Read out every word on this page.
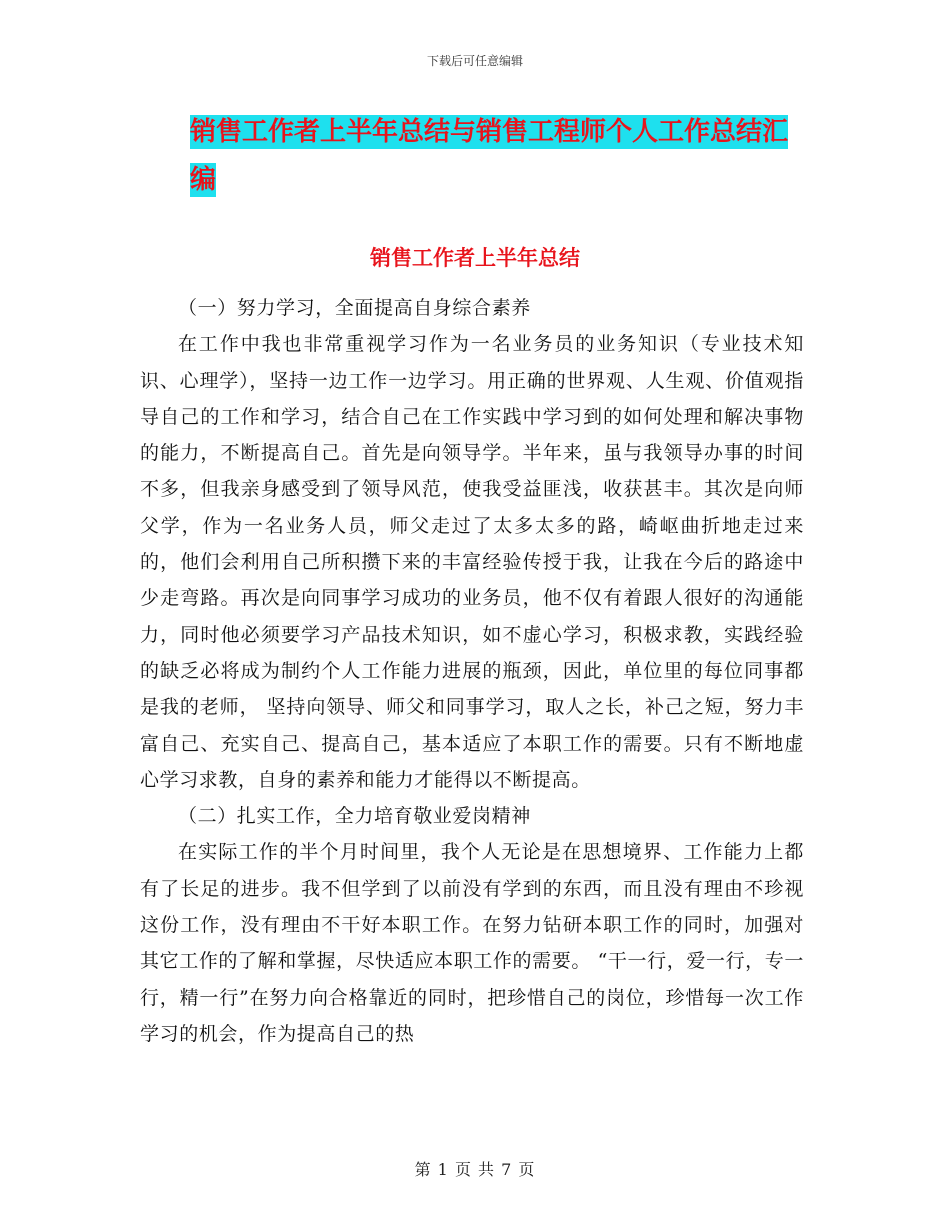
下载后可任意编辑
销售工作者上半年总结与销售工程师个人工作总结汇编
销售工作者上半年总结

（一）努力学习，全面提高自身综合素养

在工作中我也非常重视学习作为一名业务员的业务知识（专业技术知识、心理学），坚持一边工作一边学习。用正确的世界观、人生观、价值观指导自己的工作和学习，结合自己在工作实践中学习到的如何处理和解决事物的能力，不断提高自己。首先是向领导学。半年来，虽与我领导办事的时间不多，但我亲身感受到了领导风范，使我受益匪浅，收获甚丰。其次是向师父学，作为一名业务人员，师父走过了太多太多的路，崎岖曲折地走过来的，他们会利用自己所积攒下来的丰富经验传授于我，让我在今后的路途中少走弯路。再次是向同事学习成功的业务员，他不仅有着跟人很好的沟通能力，同时他必须要学习产品技术知识，如不虚心学习，积极求教，实践经验的缺乏必将成为制约个人工作能力进展的瓶颈，因此，单位里的每位同事都是我的老师， 坚持向领导、师父和同事学习，取人之长，补己之短，努力丰富自己、充实自己、提高自己，基本适应了本职工作的需要。只有不断地虚心学习求教，自身的素养和能力才能得以不断提高。

（二）扎实工作，全力培育敬业爱岗精神

在实际工作的半个月时间里，我个人无论是在思想境界、工作能力上都有了长足的进步。我不但学到了以前没有学到的东西，而且没有理由不珍视这份工作，没有理由不干好本职工作。在努力钻研本职工作的同时，加强对其它工作的了解和掌握，尽快适应本职工作的需要。 “干一行，爱一行，专一行，精一行”在努力向合格靠近的同时，把珍惜自己的岗位，珍惜每一次工作学习的机会，作为提高自己的热

第 1 页 共 7 页
